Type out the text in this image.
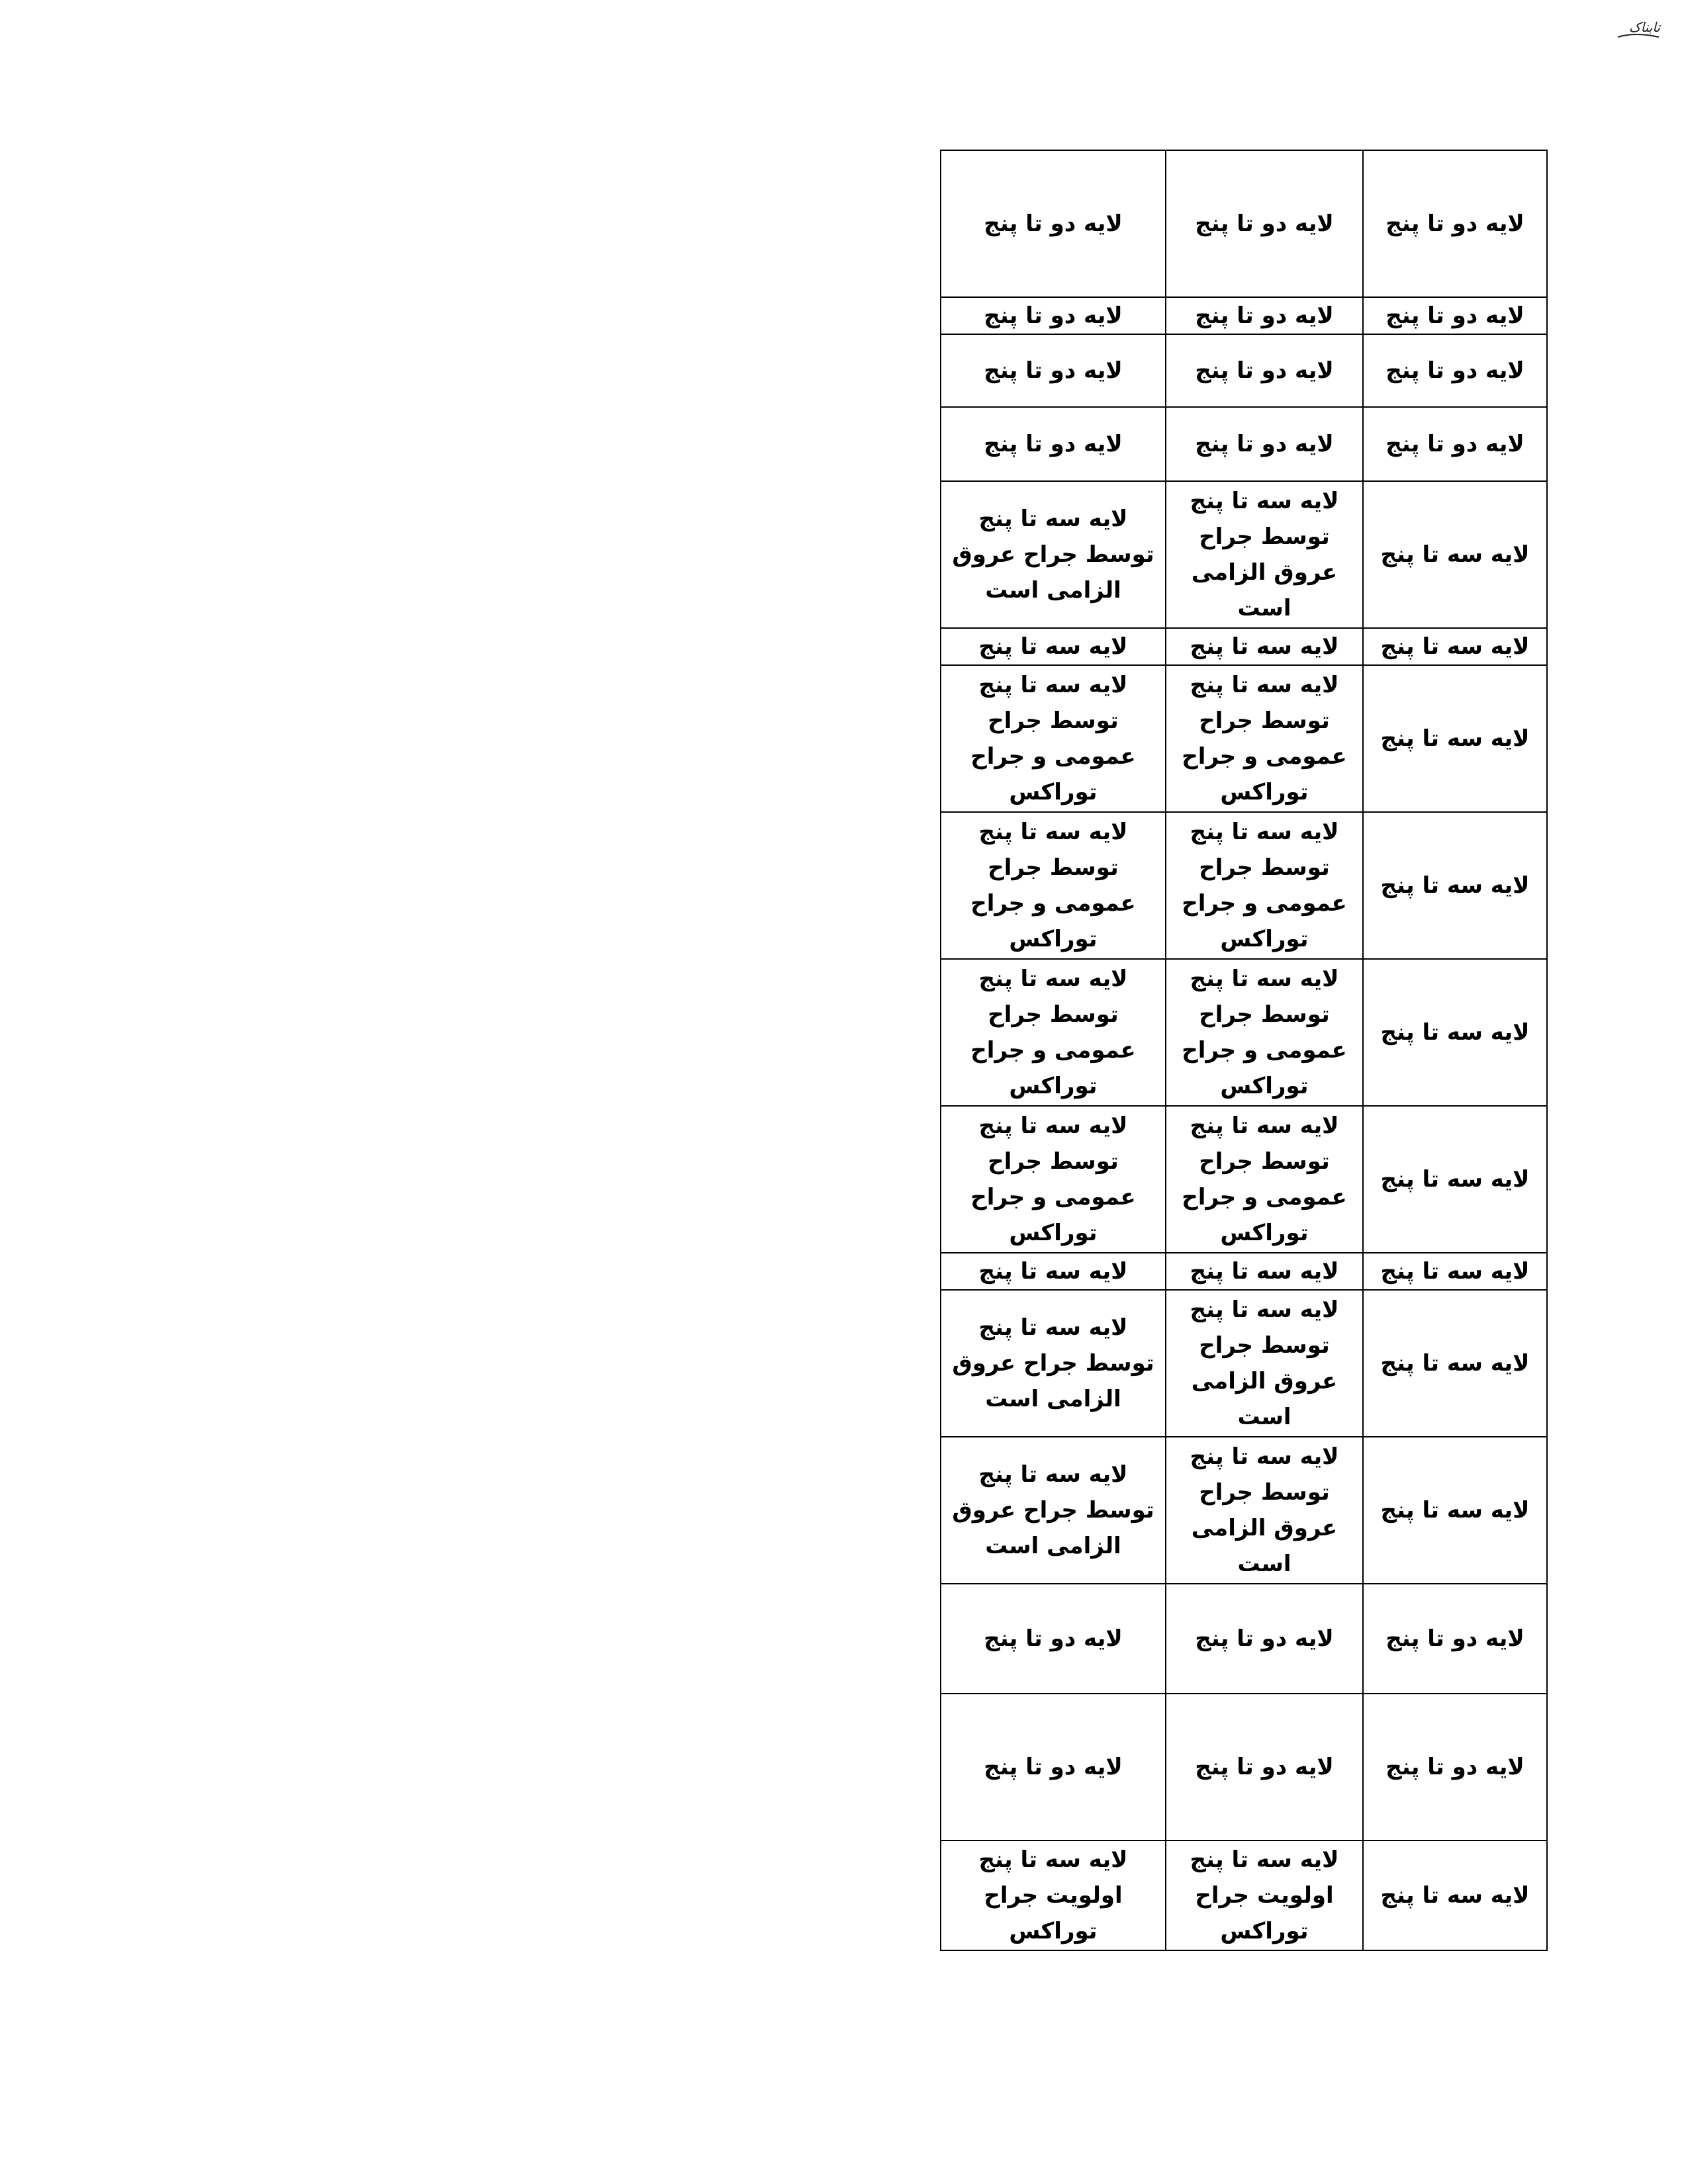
تابناک
لایه دو تا پنج	لایه دو تا پنج	لایه دو تا پنج
لایه دو تا پنج	لایه دو تا پنج	لایه دو تا پنج
لایه دو تا پنج	لایه دو تا پنج	لایه دو تا پنج
لایه دو تا پنج	لایه دو تا پنج	لایه دو تا پنج
لایه سه تا پنج	لایه سه تا پنج توسط جراح عروق الزامی است	لایه سه تا پنج توسط جراح عروق الزامی است
لایه سه تا پنج	لایه سه تا پنج	لایه سه تا پنج
لایه سه تا پنج	لایه سه تا پنج توسط جراح عمومی و جراح توراکس	لایه سه تا پنج توسط جراح عمومی و جراح توراکس
لایه سه تا پنج	لایه سه تا پنج توسط جراح عمومی و جراح توراکس	لایه سه تا پنج توسط جراح عمومی و جراح توراکس
لایه سه تا پنج	لایه سه تا پنج توسط جراح عمومی و جراح توراکس	لایه سه تا پنج توسط جراح عمومی و جراح توراکس
لایه سه تا پنج	لایه سه تا پنج توسط جراح عمومی و جراح توراکس	لایه سه تا پنج توسط جراح عمومی و جراح توراکس
لایه سه تا پنج	لایه سه تا پنج	لایه سه تا پنج
لایه سه تا پنج	لایه سه تا پنج توسط جراح عروق الزامی است	لایه سه تا پنج توسط جراح عروق الزامی است
لایه سه تا پنج	لایه سه تا پنج توسط جراح عروق الزامی است	لایه سه تا پنج توسط جراح عروق الزامی است
لایه دو تا پنج	لایه دو تا پنج	لایه دو تا پنج
لایه دو تا پنج	لایه دو تا پنج	لایه دو تا پنج
لایه سه تا پنج	لایه سه تا پنج اولویت جراح توراکس	لایه سه تا پنج اولویت جراح توراکس
